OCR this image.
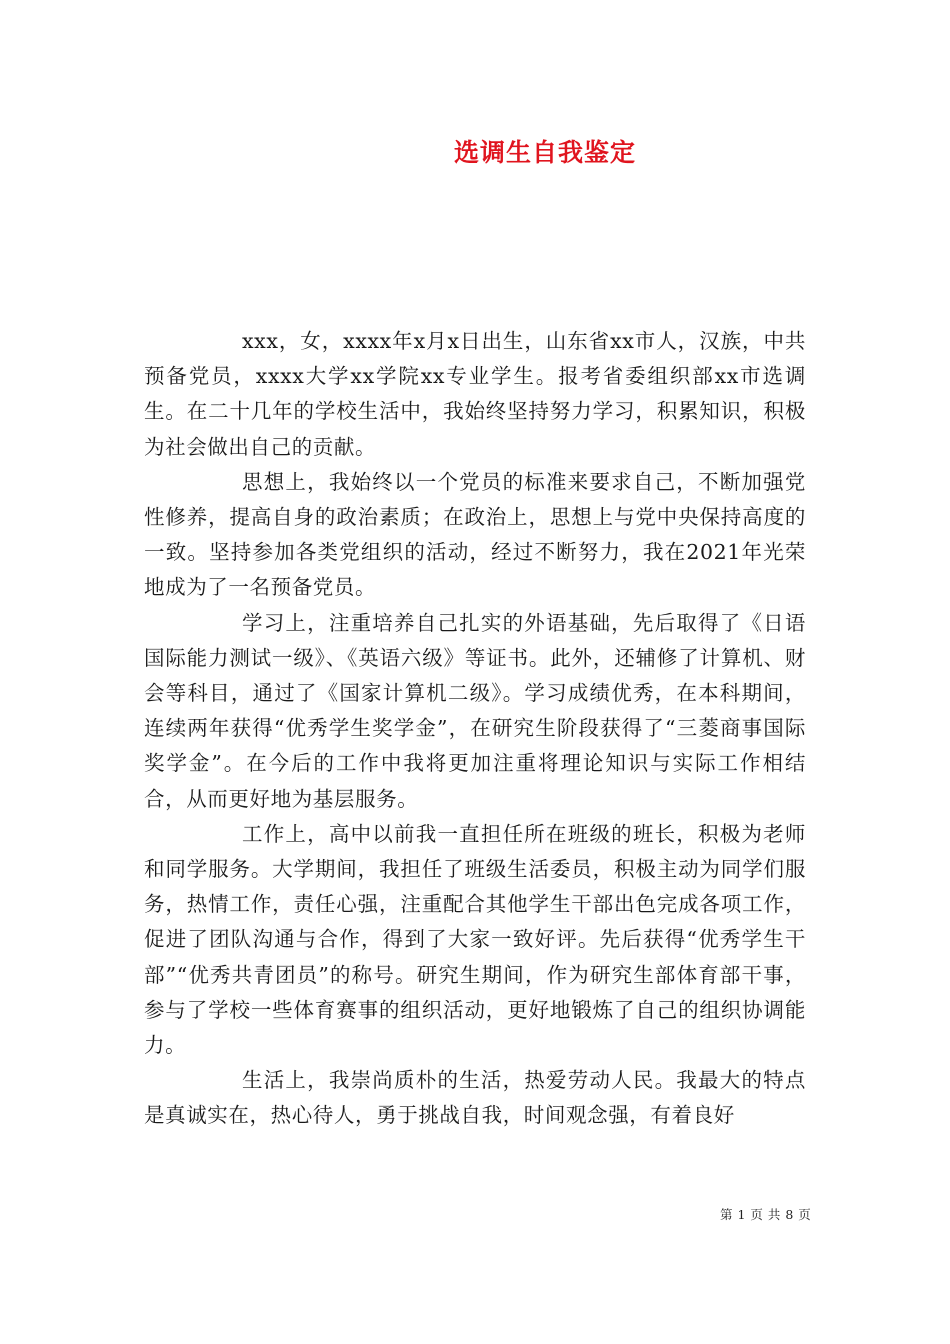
选调生自我鉴定

xxx，女，xxxx年x月x日出生，山东省xx市人，汉族，中共预备党员，xxxx大学xx学院xx专业学生。报考省委组织部xx市选调生。在二十几年的学校生活中，我始终坚持努力学习，积累知识，积极为社会做出自己的贡献。

思想上，我始终以一个党员的标准来要求自己，不断加强党性修养，提高自身的政治素质；在政治上，思想上与党中央保持高度的一致。坚持参加各类党组织的活动，经过不断努力，我在2021年光荣地成为了一名预备党员。

学习上，注重培养自己扎实的外语基础，先后取得了《日语国际能力测试一级》、《英语六级》等证书。此外，还辅修了计算机、财会等科目，通过了《国家计算机二级》。学习成绩优秀，在本科期间，连续两年获得“优秀学生奖学金”，在研究生阶段获得了“三菱商事国际奖学金”。在今后的工作中我将更加注重将理论知识与实际工作相结合，从而更好地为基层服务。

工作上，高中以前我一直担任所在班级的班长，积极为老师和同学服务。大学期间，我担任了班级生活委员，积极主动为同学们服务，热情工作，责任心强，注重配合其他学生干部出色完成各项工作，促进了团队沟通与合作，得到了大家一致好评。先后获得“优秀学生干部”“优秀共青团员”的称号。研究生期间，作为研究生部体育部干事，参与了学校一些体育赛事的组织活动，更好地锻炼了自己的组织协调能力。

生活上，我崇尚质朴的生活，热爱劳动人民。我最大的特点是真诚实在，热心待人，勇于挑战自我，时间观念强，有着良好

第 1 页 共 8 页
